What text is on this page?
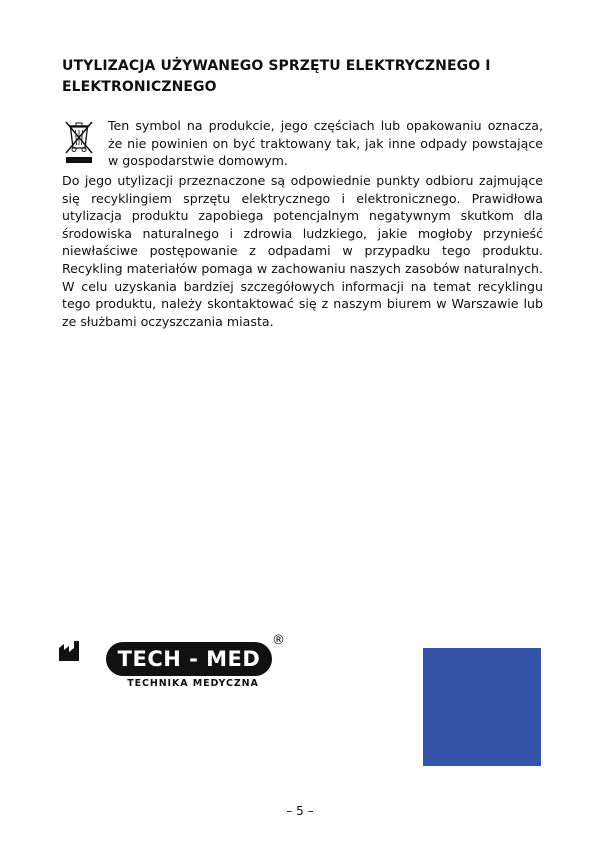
UTYLIZACJA UŻYWANEGO SPRZĘTU ELEKTRYCZNEGO I ELEKTRONICZNEGO

Ten symbol na produkcie, jego częściach lub opakowaniu oznacza, że nie powinien on być traktowany tak, jak inne odpady powstające w gospodarstwie domowym.

Do jego utylizacji przeznaczone są odpowiednie punkty odbioru zajmujące się recyklingiem sprzętu elektrycznego i elektronicznego. Prawidłowa utylizacja produktu zapobiega potencjalnym negatywnym skutkom dla środowiska naturalnego i zdrowia ludzkiego, jakie mogłoby przynieść niewłaściwe postępowanie z odpadami w przypadku tego produktu. Recykling materiałów pomaga w zachowaniu naszych zasobów naturalnych. W celu uzyskania bardziej szczegółowych informacji na temat recyklingu tego produktu, należy skontaktować się z naszym biurem w Warszawie lub ze służbami oczyszczania miasta.

TECH - MED
®
TECHNIKA MEDYCZNA
– 5 –
